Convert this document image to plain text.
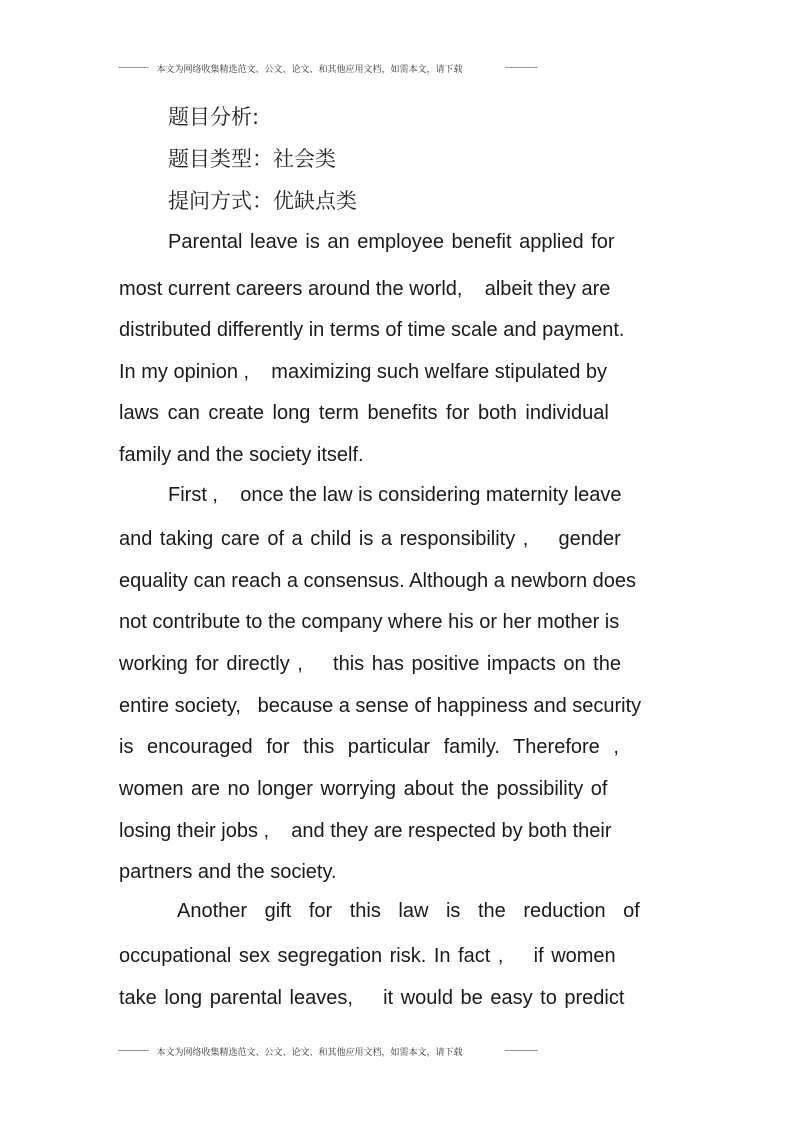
------------ 本文为网络收集精选范文、公文、论文、和其他应用文档，如需本文，请下载	-------------
题目分析:
题目类型：社会类
提问方式：优缺点类
Parental leave is an employee benefit applied for
most current careers around the world,    albeit they are
distributed differently in terms of time scale and payment.
In my opinion ,    maximizing such welfare stipulated by
laws can create long term benefits for both individual
family and the society itself.
First ,    once the law is considering maternity leave
and taking care of a child is a responsibility ,    gender
equality can reach a consensus. Although a newborn does
not contribute to the company where his or her mother is
working for directly ,    this has positive impacts on the
entire society,   because a sense of happiness and security
is encouraged for this particular family. Therefore ,
women are no longer worrying about the possibility of
losing their jobs ,    and they are respected by both their
partners and the society.
Another gift for this law is the reduction of
occupational sex segregation risk. In fact ,    if women
take long parental leaves,    it would be easy to predict
------------ 本文为网络收集精选范文、公文、论文、和其他应用文档，如需本文，请下载	-------------
